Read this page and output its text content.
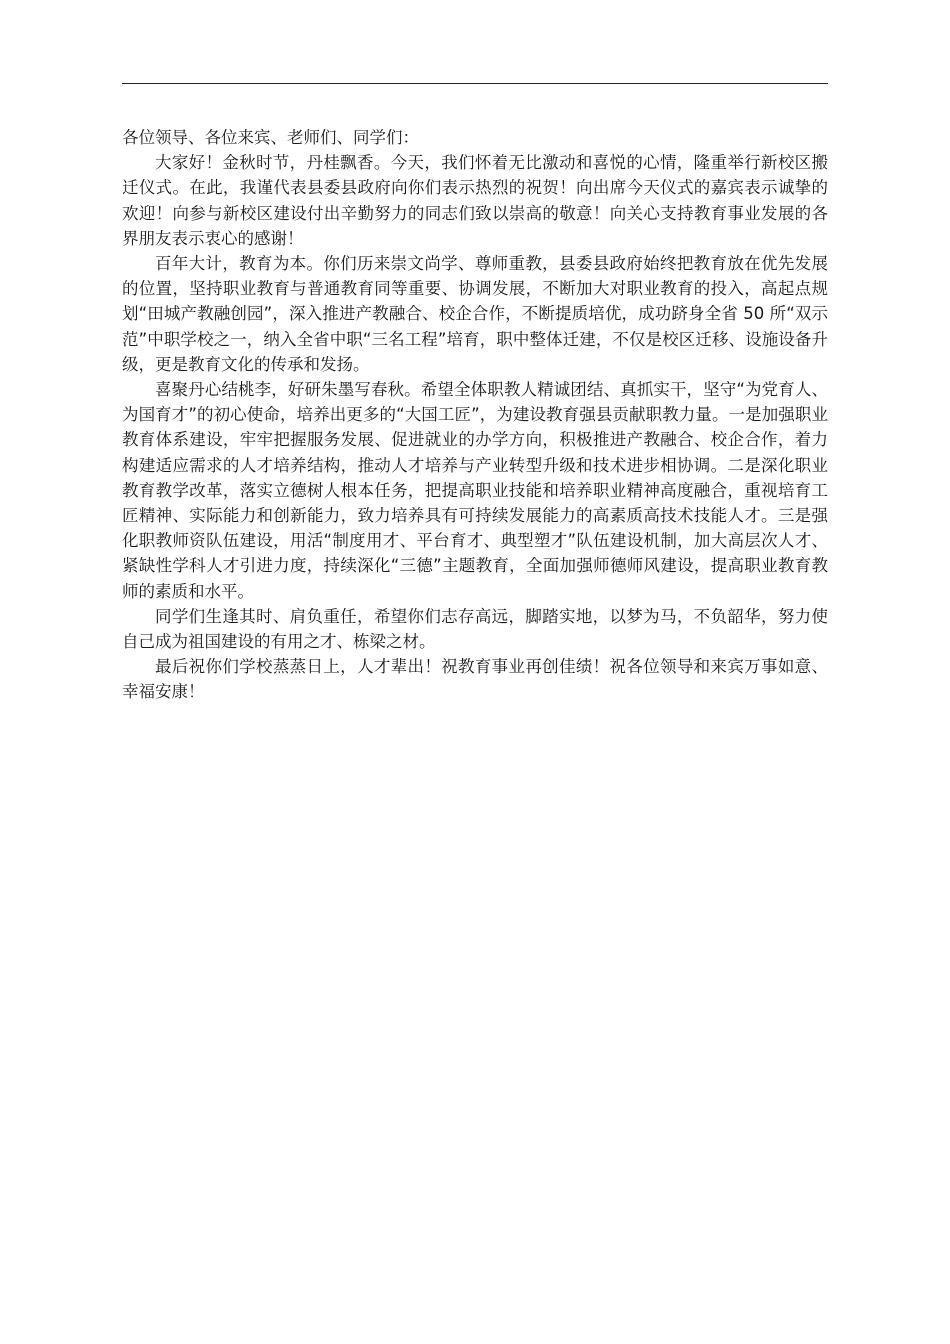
各位领导、各位来宾、老师们、同学们：

大家好！金秋时节，丹桂飘香。今天，我们怀着无比激动和喜悦的心情，隆重举行新校区搬迁仪式。在此，我谨代表县委县政府向你们表示热烈的祝贺！向出席今天仪式的嘉宾表示诚挚的欢迎！向参与新校区建设付出辛勤努力的同志们致以崇高的敬意！向关心支持教育事业发展的各界朋友表示衷心的感谢！

百年大计，教育为本。你们历来崇文尚学、尊师重教，县委县政府始终把教育放在优先发展的位置，坚持职业教育与普通教育同等重要、协调发展，不断加大对职业教育的投入，高起点规划“田城产教融创园”，深入推进产教融合、校企合作，不断提质培优，成功跻身全省 50 所“双示范”中职学校之一，纳入全省中职“三名工程”培育，职中整体迁建，不仅是校区迁移、设施设备升级，更是教育文化的传承和发扬。

喜聚丹心结桃李，好研朱墨写春秋。希望全体职教人精诚团结、真抓实干，坚守“为党育人、为国育才”的初心使命，培养出更多的“大国工匠”，为建设教育强县贡献职教力量。一是加强职业教育体系建设，牢牢把握服务发展、促进就业的办学方向，积极推进产教融合、校企合作，着力构建适应需求的人才培养结构，推动人才培养与产业转型升级和技术进步相协调。二是深化职业教育教学改革，落实立德树人根本任务，把提高职业技能和培养职业精神高度融合，重视培育工匠精神、实际能力和创新能力，致力培养具有可持续发展能力的高素质高技术技能人才。三是强化职教师资队伍建设，用活“制度用才、平台育才、典型塑才”队伍建设机制，加大高层次人才、紧缺性学科人才引进力度，持续深化“三德”主题教育，全面加强师德师风建设，提高职业教育教师的素质和水平。

同学们生逢其时、肩负重任，希望你们志存高远，脚踏实地，以梦为马，不负韶华，努力使自己成为祖国建设的有用之才、栋梁之材。

最后祝你们学校蒸蒸日上，人才辈出！祝教育事业再创佳绩！祝各位领导和来宾万事如意、幸福安康！
